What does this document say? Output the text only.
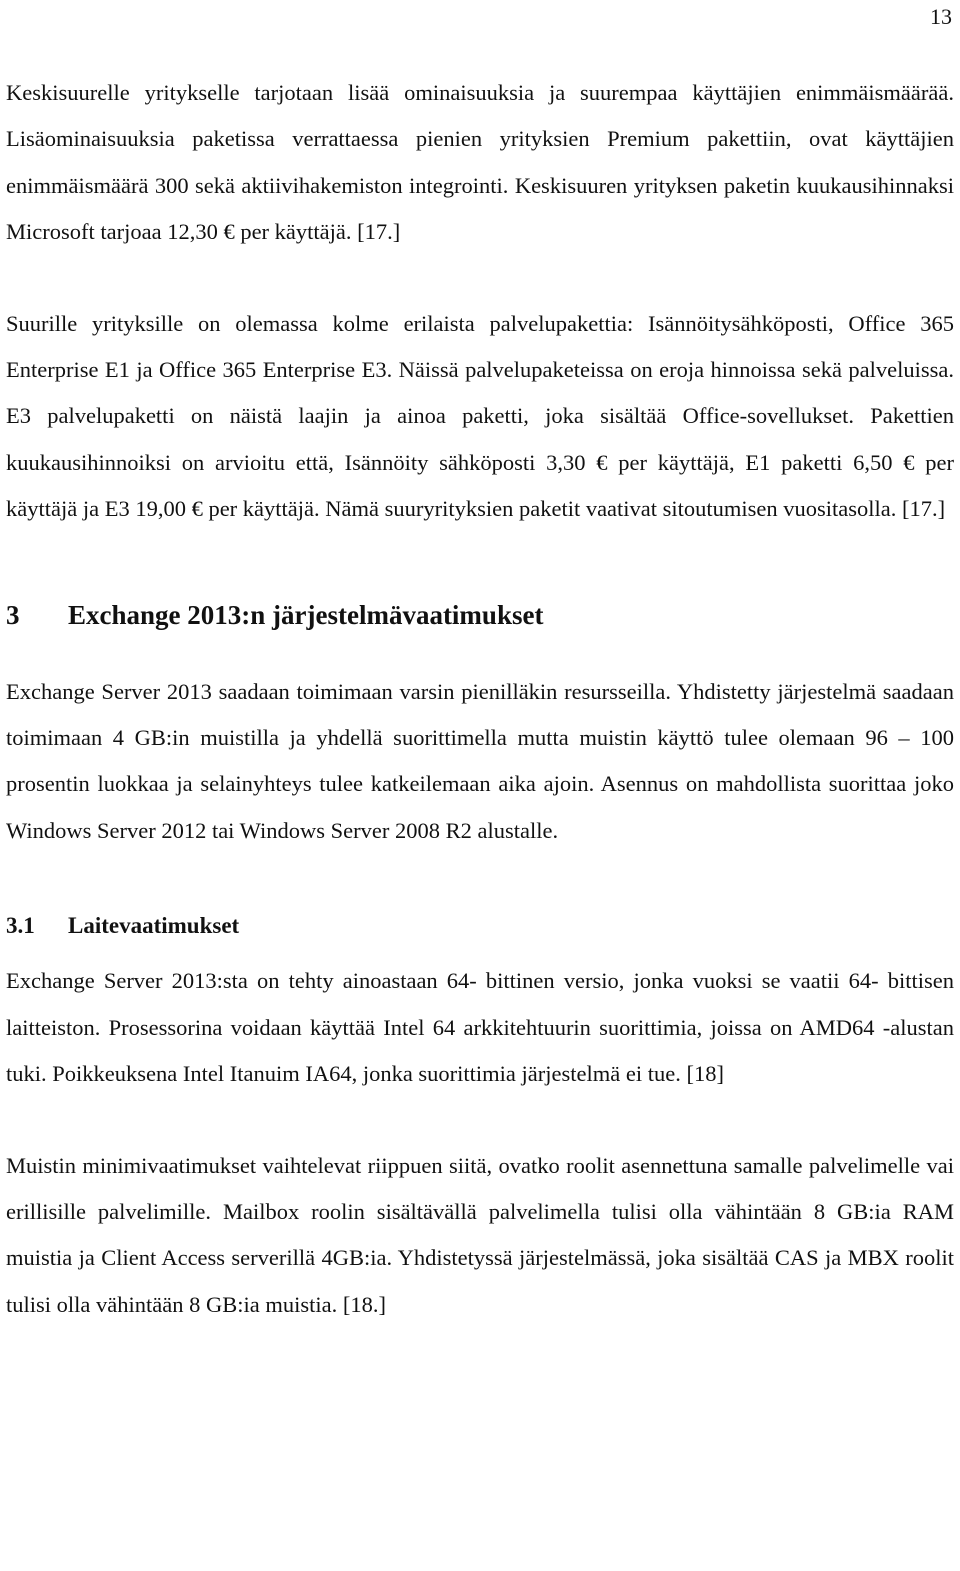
13

Keskisuurelle yritykselle tarjotaan lisää ominaisuuksia ja suurempaa käyttäjien enimmäismäärää. Lisäominaisuuksia paketissa verrattaessa pienien yrityksien Premium pakettiin, ovat käyttäjien enimmäismäärä 300 sekä aktiivihakemiston integrointi. Keskisuuren yrityksen paketin kuukausihinnaksi Microsoft tarjoaa 12,30 € per käyttäjä. [17.]

Suurille yrityksille on olemassa kolme erilaista palvelupakettia: Isännöitysähköposti, Office 365 Enterprise E1 ja Office 365 Enterprise E3. Näissä palvelupaketeissa on eroja hinnoissa sekä palveluissa. E3 palvelupaketti on näistä laajin ja ainoa paketti, joka sisältää Office-sovellukset. Pakettien kuukausihinnoiksi on arvioitu että, Isännöity sähköposti 3,30 € per käyttäjä, E1 paketti 6,50 € per käyttäjä ja E3 19,00 € per käyttäjä. Nämä suuryrityksien paketit vaativat sitoutumisen vuositasolla. [17.]

3 Exchange 2013:n järjestelmävaatimukset

Exchange Server 2013 saadaan toimimaan varsin pienilläkin resursseilla. Yhdistetty järjestelmä saadaan toimimaan 4 GB:in muistilla ja yhdellä suorittimella mutta muistin käyttö tulee olemaan 96 – 100 prosentin luokkaa ja selainyhteys tulee katkeilemaan aika ajoin. Asennus on mahdollista suorittaa joko Windows Server 2012 tai Windows Server 2008 R2 alustalle.

3.1 Laitevaatimukset

Exchange Server 2013:sta on tehty ainoastaan 64- bittinen versio, jonka vuoksi se vaatii 64- bittisen laitteiston. Prosessorina voidaan käyttää Intel 64 arkkitehtuurin suorittimia, joissa on AMD64 -alustan tuki. Poikkeuksena Intel Itanuim IA64, jonka suorittimia järjestelmä ei tue. [18]

Muistin minimivaatimukset vaihtelevat riippuen siitä, ovatko roolit asennettuna samalle palvelimelle vai erillisille palvelimille. Mailbox roolin sisältävällä palvelimella tulisi olla vähintään 8 GB:ia RAM muistia ja Client Access serverillä 4GB:ia. Yhdistetyssä järjestelmässä, joka sisältää CAS ja MBX roolit tulisi olla vähintään 8 GB:ia muistia. [18.]
